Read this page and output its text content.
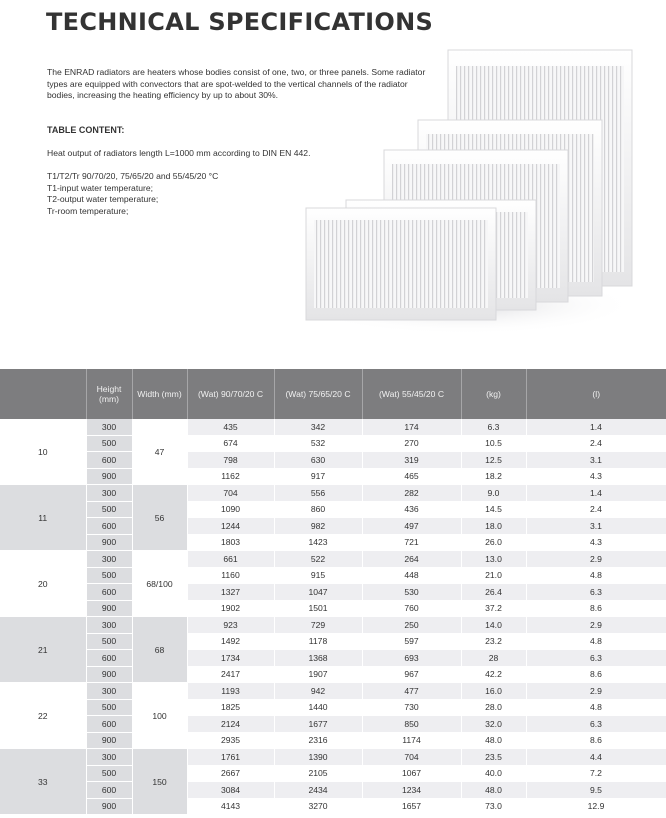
TECHNICAL SPECIFICATIONS
The ENRAD radiators are heaters whose bodies consist of one, two, or three panels. Some radiator types are equipped with convectors that are spot-welded to the vertical channels of the radiator bodies, increasing the heating efficiency by up to about 30%.
TABLE CONTENT:
Heat output of radiators length L=1000 mm according to DIN EN 442.
T1/T2/Tr 90/70/20, 75/65/20 and 55/45/20 °C
T1-input water temperature;
T2-output water temperature;
Tr-room temperature;
	Height (mm)	Width (mm)	(Wat) 90/70/20 C	(Wat) 75/65/20 C	(Wat) 55/45/20 C	(kg)	(l)
10	300	47	435	342	174	6.3	1.4
	500		674	532	270	10.5	2.4
	600		798	630	319	12.5	3.1
	900		1162	917	465	18.2	4.3
11	300	56	704	556	282	9.0	1.4
	500		1090	860	436	14.5	2.4
	600		1244	982	497	18.0	3.1
	900		1803	1423	721	26.0	4.3
20	300	68/100	661	522	264	13.0	2.9
	500		1160	915	448	21.0	4.8
	600		1327	1047	530	26.4	6.3
	900		1902	1501	760	37.2	8.6
21	300	68	923	729	250	14.0	2.9
	500		1492	1178	597	23.2	4.8
	600		1734	1368	693	28	6.3
	900		2417	1907	967	42.2	8.6
22	300	100	1193	942	477	16.0	2.9
	500		1825	1440	730	28.0	4.8
	600		2124	1677	850	32.0	6.3
	900		2935	2316	1174	48.0	8.6
33	300	150	1761	1390	704	23.5	4.4
	500		2667	2105	1067	40.0	7.2
	600		3084	2434	1234	48.0	9.5
	900		4143	3270	1657	73.0	12.9
